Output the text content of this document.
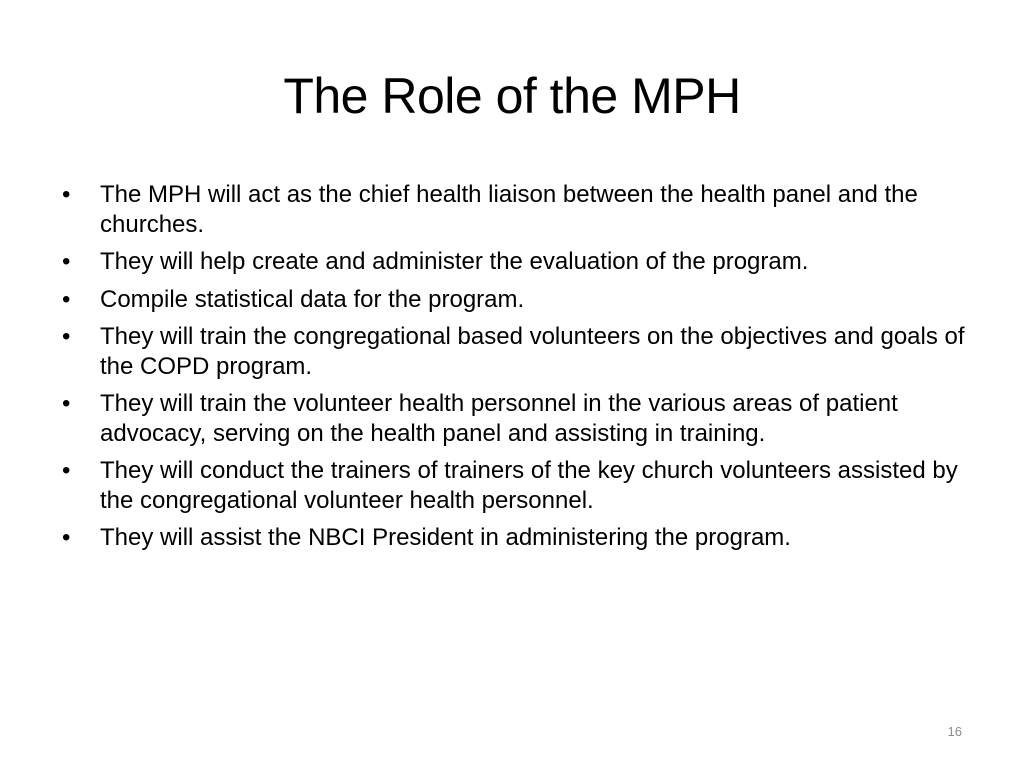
The Role of the MPH
•	The MPH will act as the chief health liaison between the health panel and the churches.
•	They will help create and administer the evaluation of the program.
•	Compile statistical data for the program.
•	They will train the congregational based volunteers on the objectives and goals of the COPD program.
•	They will train the volunteer health personnel in the various areas of patient advocacy, serving on the health panel and assisting in training.
•	They will conduct the trainers of trainers of the key church volunteers assisted by the congregational volunteer health personnel.
•	They will assist the NBCI President in administering the program.
16
